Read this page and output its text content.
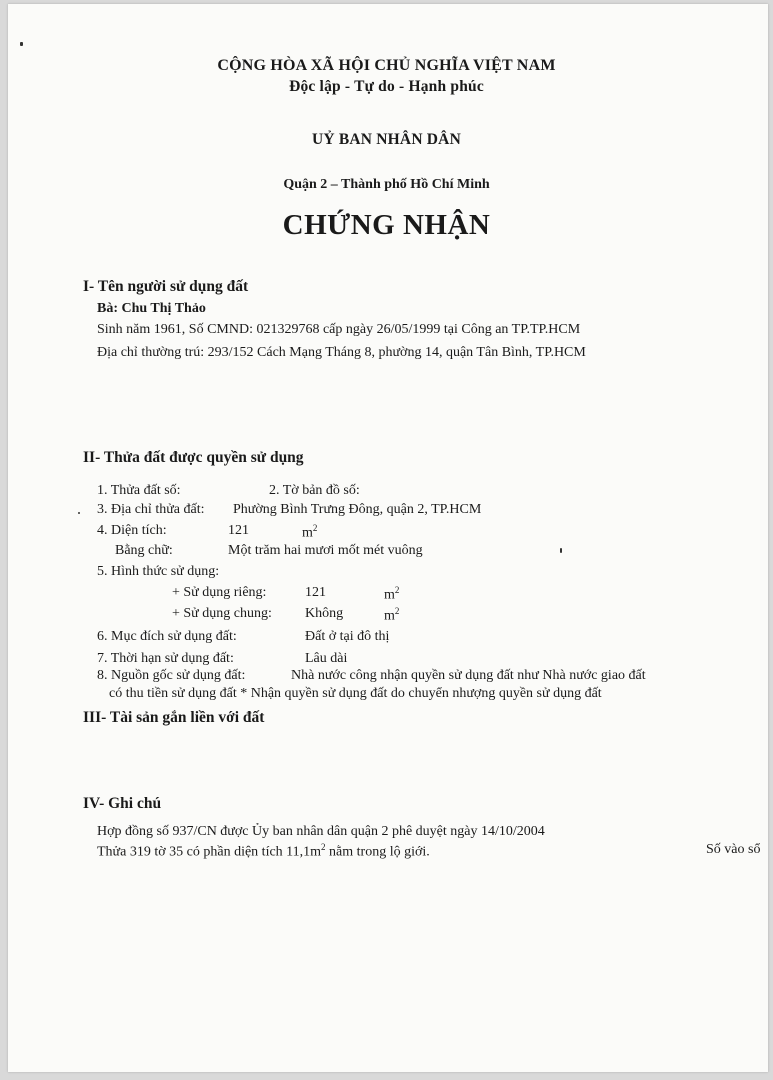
CỘNG HÒA XÃ HỘI CHỦ NGHĨA VIỆT NAM
Độc lập - Tự do - Hạnh phúc
UỶ BAN NHÂN DÂN
Quận 2 – Thành phố Hồ Chí Minh
CHỨNG NHẬN
I- Tên người sử dụng đất
Bà: Chu Thị Thảo
Sinh năm 1961, Số CMND: 021329768 cấp ngày 26/05/1999 tại Công an TP.TP.HCM
Địa chỉ thường trú: 293/152 Cách Mạng Tháng 8, phường 14, quận Tân Bình, TP.HCM
II- Thửa đất được quyền sử dụng
1. Thửa đất số:	2. Tờ bản đồ số:
3. Địa chỉ thửa đất: Phường Bình Trưng Đông, quận 2, TP.HCM
4. Diện tích:	121	$m^2$
Bằng chữ:	Một trăm hai mươi mốt mét vuông
5. Hình thức sử dụng:
+ Sử dụng riêng:	121	$m^2$
+ Sử dụng chung: Không	$m^2$
6. Mục đích sử dụng đất:	Đất ở tại đô thị
7. Thời hạn sử dụng đất:	Lâu dài
8. Nguồn gốc sử dụng đất:	Nhà nước công nhận quyền sử dụng đất như Nhà nước giao đất
có thu tiền sử dụng đất * Nhận quyền sử dụng đất do chuyển nhượng quyền sử dụng đất
III- Tài sản gắn liền với đất
IV- Ghi chú
Hợp đồng số 937/CN được Ủy ban nhân dân quận 2 phê duyệt ngày 14/10/2004
Thửa 319 tờ 35 có phần diện tích $11,1m^2$ nằm trong lộ giới.	Số vào sổ
